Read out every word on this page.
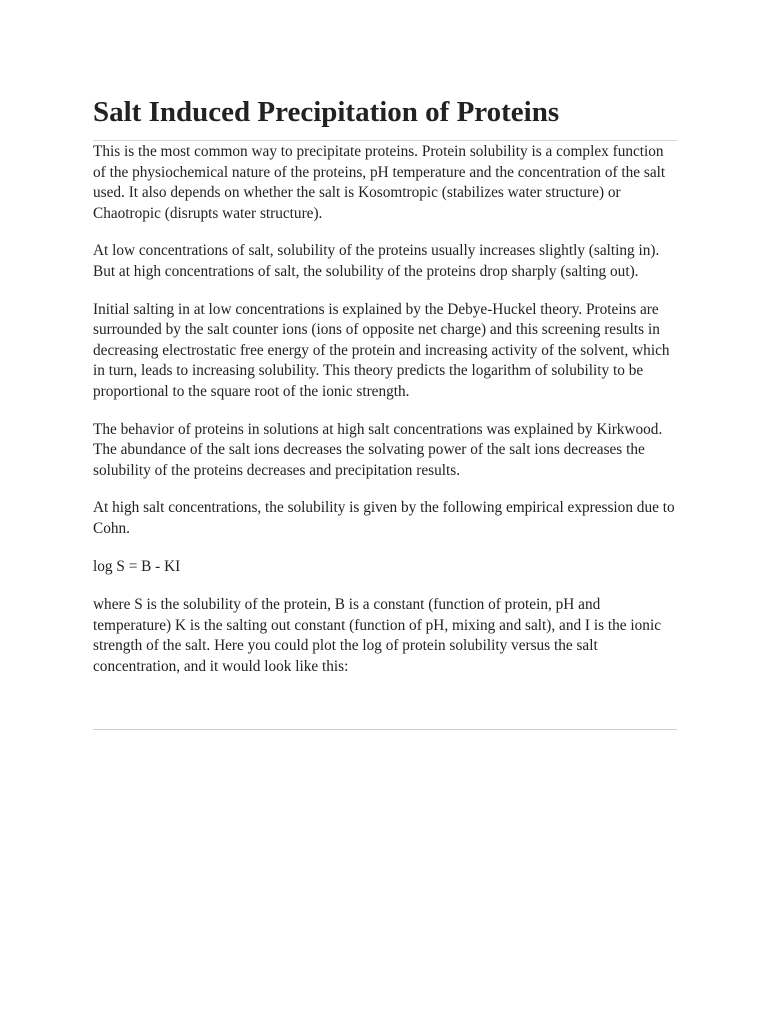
Salt Induced Precipitation of Proteins

This is the most common way to precipitate proteins. Protein solubility is a complex function of the physiochemical nature of the proteins, pH temperature and the concentration of the salt used. It also depends on whether the salt is Kosomtropic (stabilizes water structure) or Chaotropic (disrupts water structure).

At low concentrations of salt, solubility of the proteins usually increases slightly (salting in). But at high concentrations of salt, the solubility of the proteins drop sharply (salting out).

Initial salting in at low concentrations is explained by the Debye-Huckel theory. Proteins are surrounded by the salt counter ions (ions of opposite net charge) and this screening results in decreasing electrostatic free energy of the protein and increasing activity of the solvent, which in turn, leads to increasing solubility. This theory predicts the logarithm of solubility to be proportional to the square root of the ionic strength.

The behavior of proteins in solutions at high salt concentrations was explained by Kirkwood. The abundance of the salt ions decreases the solvating power of the salt ions decreases the solubility of the proteins decreases and precipitation results.

At high salt concentrations, the solubility is given by the following empirical expression due to Cohn.

log S = B - KI

where S is the solubility of the protein, B is a constant (function of protein, pH and temperature) K is the salting out constant (function of pH, mixing and salt), and I is the ionic strength of the salt. Here you could plot the log of protein solubility versus the salt concentration, and it would look like this:
